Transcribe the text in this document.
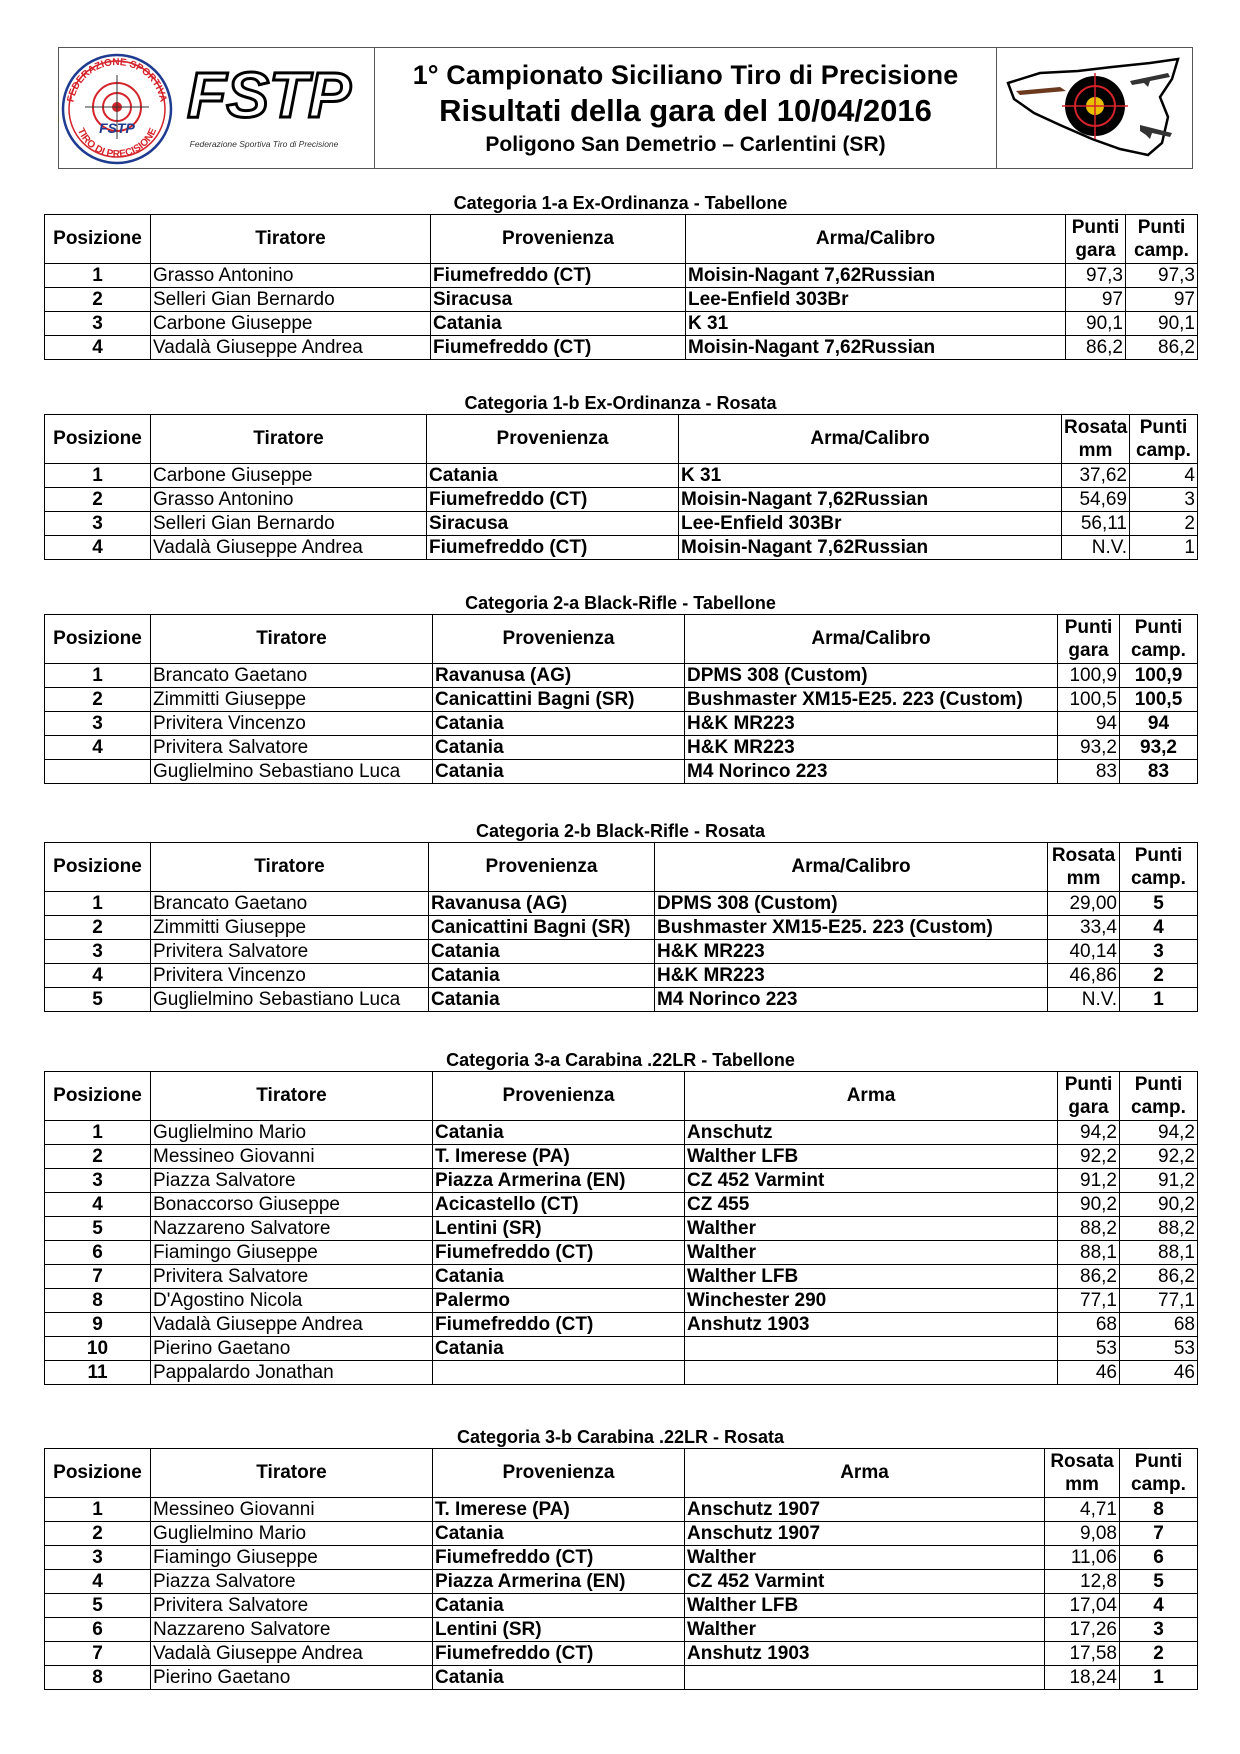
FEDERAZIONE SPORTIVA
TIRO DI PRECISIONE
FSTP FSTP
Federazione Sportiva Tiro di Precisione
1° Campionato Siciliano Tiro di Precisione
Risultati della gara del 10/04/2016
Poligono San Demetrio – Carlentini (SR)
Categoria 1-a Ex-Ordinanza - Tabellone
Posizione	Tiratore	Provenienza	Arma/Calibro	Punti
gara	Punti
camp.
1	Grasso Antonino	Fiumefreddo (CT)	Moisin-Nagant 7,62Russian	97,3	97,3
2	Selleri Gian Bernardo	Siracusa	Lee-Enfield 303Br	97	97
3	Carbone Giuseppe	Catania	K 31	90,1	90,1
4	Vadalà Giuseppe Andrea	Fiumefreddo (CT)	Moisin-Nagant 7,62Russian	86,2	86,2
Categoria 1-b Ex-Ordinanza - Rosata
Posizione	Tiratore	Provenienza	Arma/Calibro	Rosata
mm	Punti
camp.
1	Carbone Giuseppe	Catania	K 31	37,62	4
2	Grasso Antonino	Fiumefreddo (CT)	Moisin-Nagant 7,62Russian	54,69	3
3	Selleri Gian Bernardo	Siracusa	Lee-Enfield 303Br	56,11	2
4	Vadalà Giuseppe Andrea	Fiumefreddo (CT)	Moisin-Nagant 7,62Russian	N.V.	1
Categoria 2-a Black-Rifle - Tabellone
Posizione	Tiratore	Provenienza	Arma/Calibro	Punti
gara	Punti
camp.
1	Brancato Gaetano	Ravanusa (AG)	DPMS 308 (Custom)	100,9	100,9
2	Zimmitti Giuseppe	Canicattini Bagni (SR)	Bushmaster XM15-E25. 223 (Custom)	100,5	100,5
3	Privitera Vincenzo	Catania	H&K MR223	94	94
4	Privitera Salvatore	Catania	H&K MR223	93,2	93,2
	Guglielmino Sebastiano Luca	Catania	M4 Norinco 223	83	83
Categoria 2-b Black-Rifle - Rosata
Posizione	Tiratore	Provenienza	Arma/Calibro	Rosata
mm	Punti
camp.
1	Brancato Gaetano	Ravanusa (AG)	DPMS 308 (Custom)	29,00	5
2	Zimmitti Giuseppe	Canicattini Bagni (SR)	Bushmaster XM15-E25. 223 (Custom)	33,4	4
3	Privitera Salvatore	Catania	H&K MR223	40,14	3
4	Privitera Vincenzo	Catania	H&K MR223	46,86	2
5	Guglielmino Sebastiano Luca	Catania	M4 Norinco 223	N.V.	1
Categoria 3-a Carabina .22LR - Tabellone
Posizione	Tiratore	Provenienza	Arma	Punti
gara	Punti
camp.
1	Guglielmino Mario	Catania	Anschutz	94,2	94,2
2	Messineo Giovanni	T. Imerese (PA)	Walther LFB	92,2	92,2
3	Piazza Salvatore	Piazza Armerina (EN)	CZ 452 Varmint	91,2	91,2
4	Bonaccorso Giuseppe	Acicastello (CT)	CZ 455	90,2	90,2
5	Nazzareno Salvatore	Lentini (SR)	Walther	88,2	88,2
6	Fiamingo Giuseppe	Fiumefreddo (CT)	Walther	88,1	88,1
7	Privitera Salvatore	Catania	Walther LFB	86,2	86,2
8	D'Agostino Nicola	Palermo	Winchester 290	77,1	77,1
9	Vadalà Giuseppe Andrea	Fiumefreddo (CT)	Anshutz 1903	68	68
10	Pierino Gaetano	Catania		53	53
11	Pappalardo Jonathan			46	46
Categoria 3-b Carabina .22LR - Rosata
Posizione	Tiratore	Provenienza	Arma	Rosata
mm	Punti
camp.
1	Messineo Giovanni	T. Imerese (PA)	Anschutz 1907	4,71	8
2	Guglielmino Mario	Catania	Anschutz 1907	9,08	7
3	Fiamingo Giuseppe	Fiumefreddo (CT)	Walther	11,06	6
4	Piazza Salvatore	Piazza Armerina (EN)	CZ 452 Varmint	12,8	5
5	Privitera Salvatore	Catania	Walther LFB	17,04	4
6	Nazzareno Salvatore	Lentini (SR)	Walther	17,26	3
7	Vadalà Giuseppe Andrea	Fiumefreddo (CT)	Anshutz 1903	17,58	2
8	Pierino Gaetano	Catania		18,24	1
